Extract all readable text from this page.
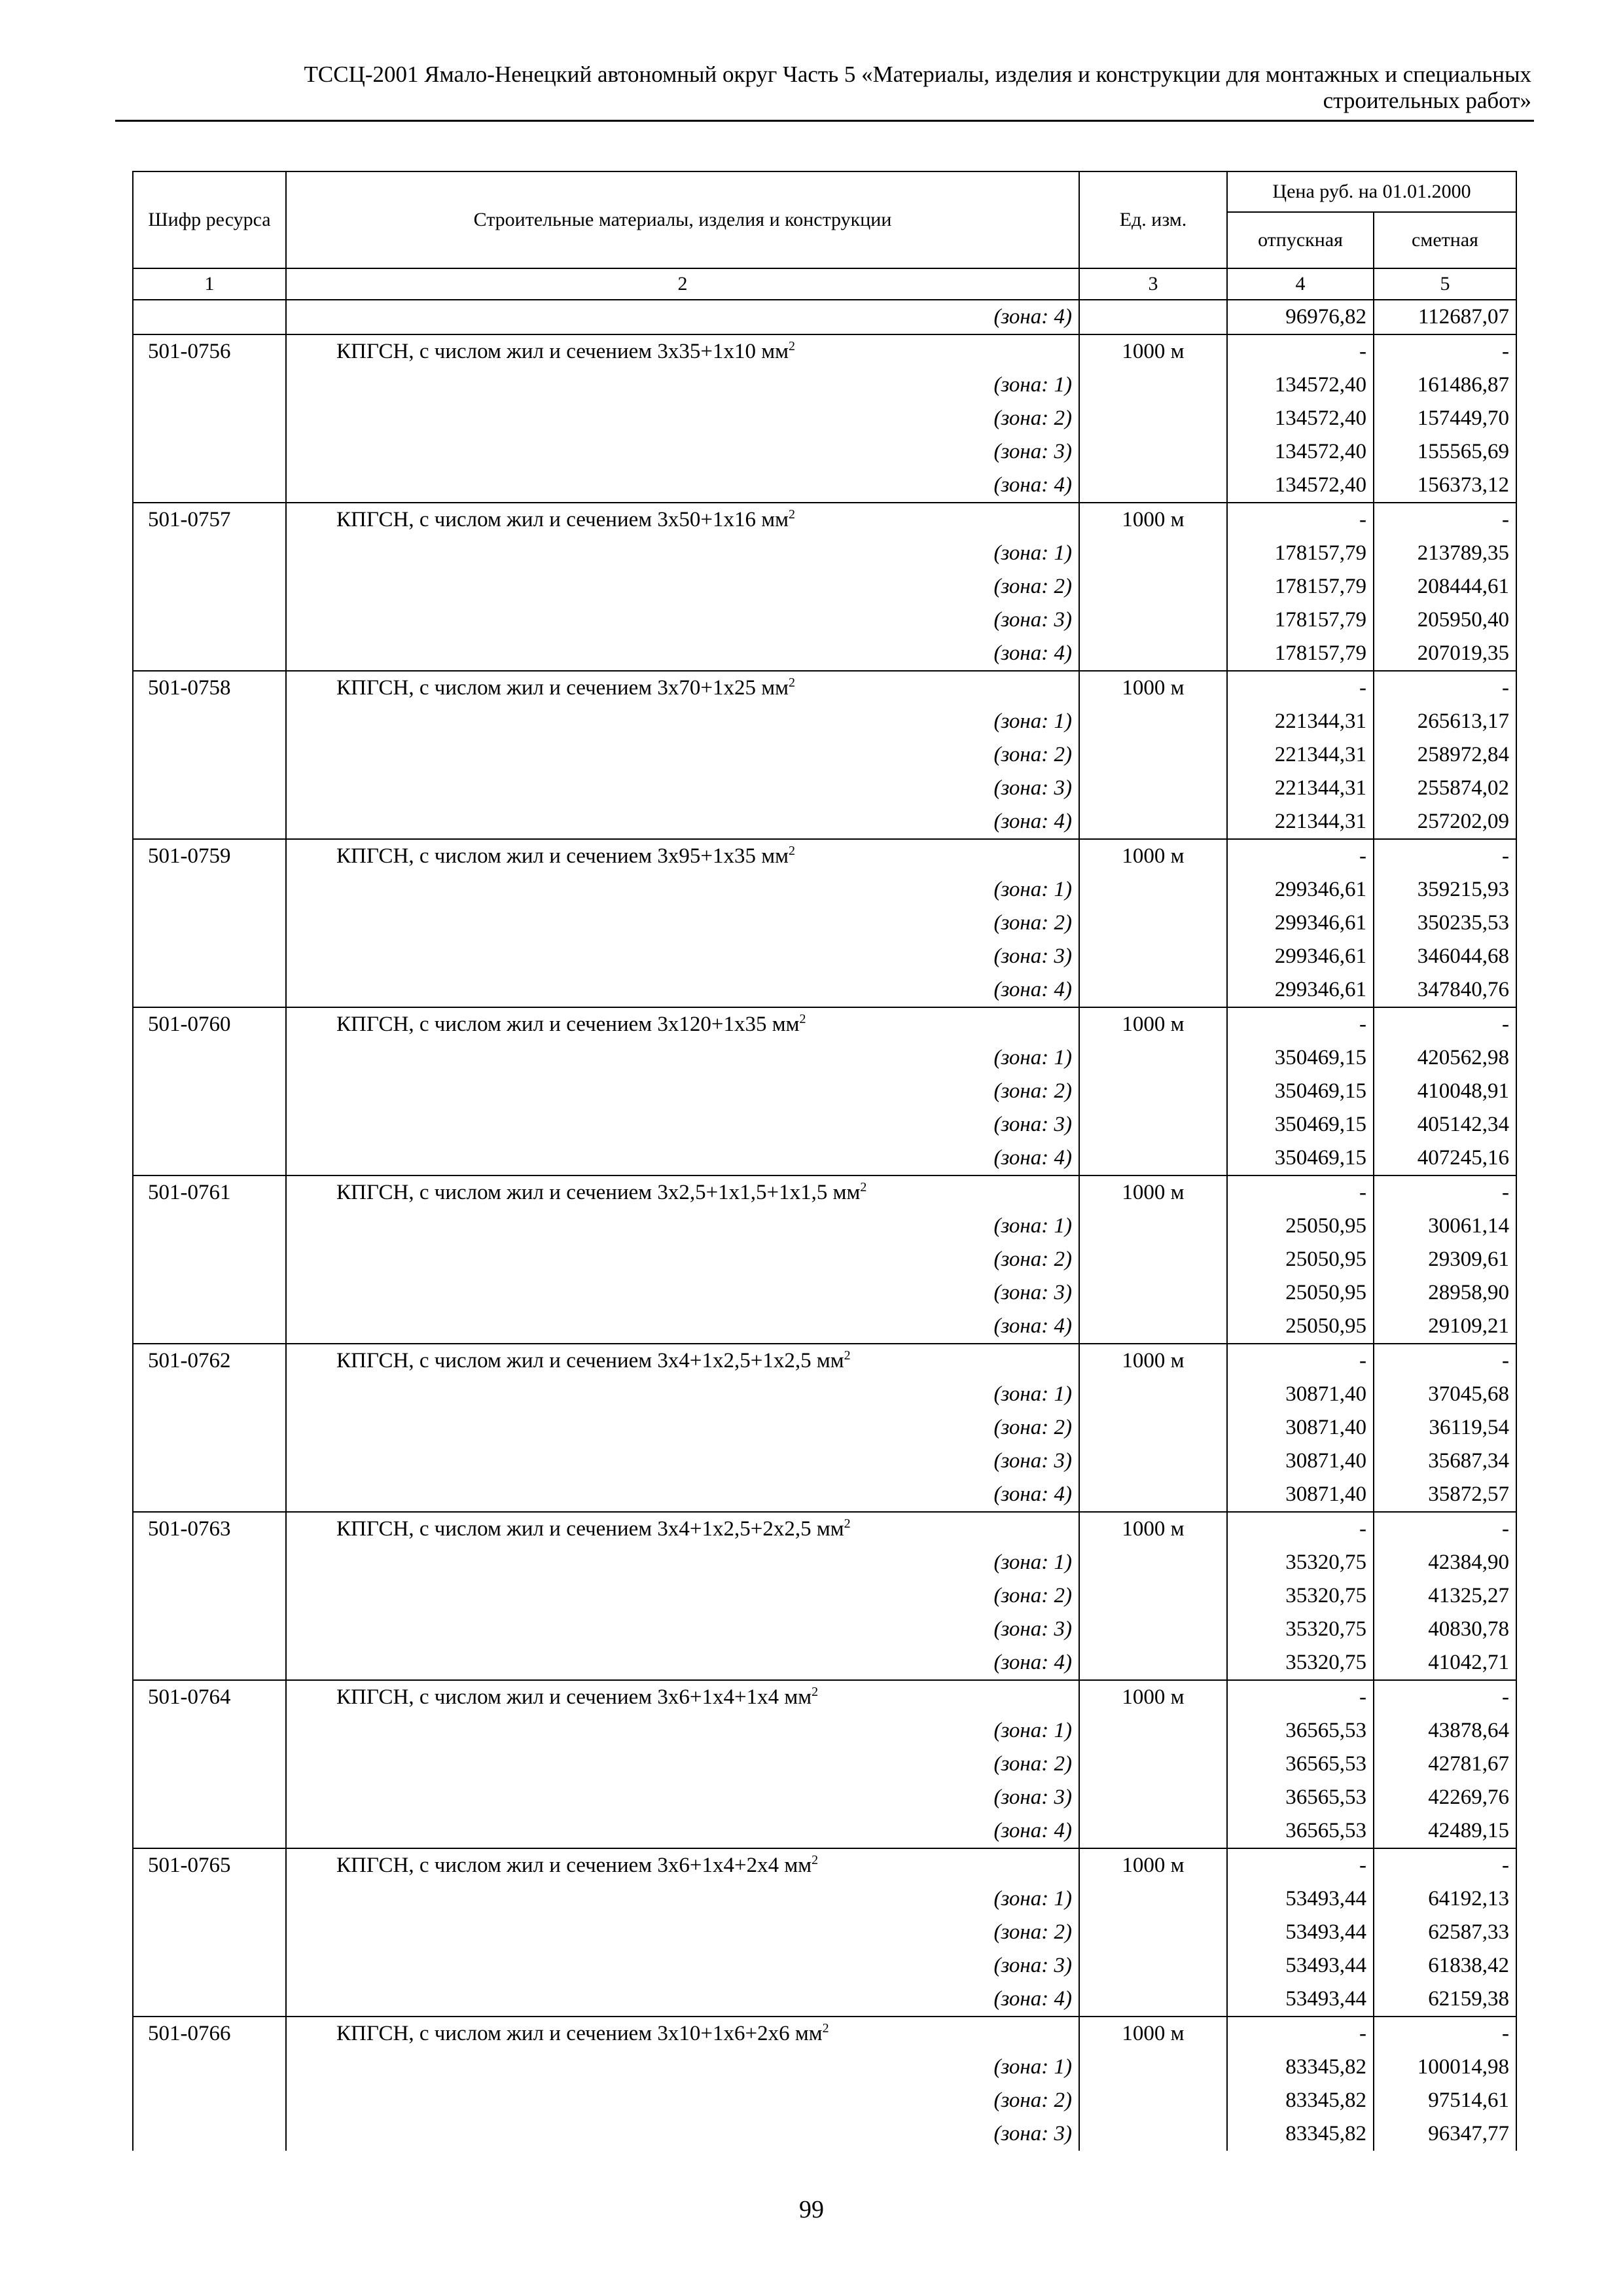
ТССЦ-2001 Ямало-Ненецкий автономный округ Часть 5 «Материалы, изделия и конструкции для монтажных и специальных
строительных работ»
Шифр ресурса	Строительные материалы, изделия и конструкции	Ед. изм.	Цена руб. на 01.01.2000	
			отпускная	сметная
1	2	3	4	5
	(зона: 4)		96976,82	112687,07
501-0756	КПГСН, с числом жил и сечением 3х35+1х10 $мм^2$	1000 м	-	-
	(зона: 1)		134572,40	161486,87
	(зона: 2)		134572,40	157449,70
	(зона: 3)		134572,40	155565,69
	(зона: 4)		134572,40	156373,12
501-0757	КПГСН, с числом жил и сечением 3х50+1х16 $мм^2$	1000 м	-	-
	(зона: 1)		178157,79	213789,35
	(зона: 2)		178157,79	208444,61
	(зона: 3)		178157,79	205950,40
	(зона: 4)		178157,79	207019,35
501-0758	КПГСН, с числом жил и сечением 3х70+1х25 $мм^2$	1000 м	-	-
	(зона: 1)		221344,31	265613,17
	(зона: 2)		221344,31	258972,84
	(зона: 3)		221344,31	255874,02
	(зона: 4)		221344,31	257202,09
501-0759	КПГСН, с числом жил и сечением 3х95+1х35 $мм^2$	1000 м	-	-
	(зона: 1)		299346,61	359215,93
	(зона: 2)		299346,61	350235,53
	(зона: 3)		299346,61	346044,68
	(зона: 4)		299346,61	347840,76
501-0760	КПГСН, с числом жил и сечением 3х120+1х35 $мм^2$	1000 м	-	-
	(зона: 1)		350469,15	420562,98
	(зона: 2)		350469,15	410048,91
	(зона: 3)		350469,15	405142,34
	(зона: 4)		350469,15	407245,16
501-0761	КПГСН, с числом жил и сечением 3х2,5+1х1,5+1х1,5 $мм^2$	1000 м	-	-
	(зона: 1)		25050,95	30061,14
	(зона: 2)		25050,95	29309,61
	(зона: 3)		25050,95	28958,90
	(зона: 4)		25050,95	29109,21
501-0762	КПГСН, с числом жил и сечением 3х4+1х2,5+1х2,5 $мм^2$	1000 м	-	-
	(зона: 1)		30871,40	37045,68
	(зона: 2)		30871,40	36119,54
	(зона: 3)		30871,40	35687,34
	(зона: 4)		30871,40	35872,57
501-0763	КПГСН, с числом жил и сечением 3х4+1х2,5+2х2,5 $мм^2$	1000 м	-	-
	(зона: 1)		35320,75	42384,90
	(зона: 2)		35320,75	41325,27
	(зона: 3)		35320,75	40830,78
	(зона: 4)		35320,75	41042,71
501-0764	КПГСН, с числом жил и сечением 3х6+1х4+1х4 $мм^2$	1000 м	-	-
	(зона: 1)		36565,53	43878,64
	(зона: 2)		36565,53	42781,67
	(зона: 3)		36565,53	42269,76
	(зона: 4)		36565,53	42489,15
501-0765	КПГСН, с числом жил и сечением 3х6+1х4+2х4 $мм^2$	1000 м	-	-
	(зона: 1)		53493,44	64192,13
	(зона: 2)		53493,44	62587,33
	(зона: 3)		53493,44	61838,42
	(зона: 4)		53493,44	62159,38
501-0766	КПГСН, с числом жил и сечением 3х10+1х6+2х6 $мм^2$	1000 м	-	-
	(зона: 1)		83345,82	100014,98
	(зона: 2)		83345,82	97514,61
	(зона: 3)		83345,82	96347,77
99
